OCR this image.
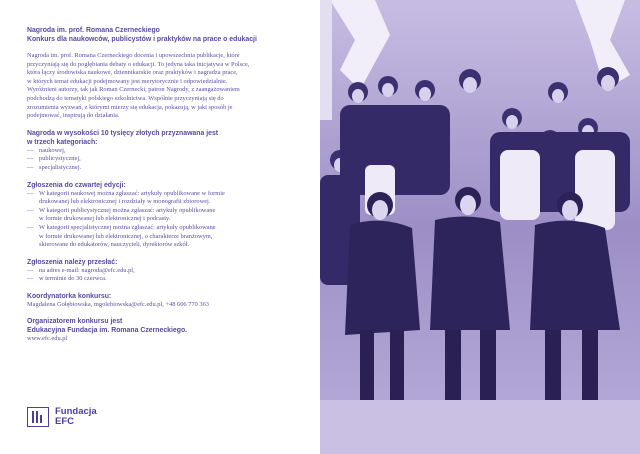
Nagroda im. prof. Romana Czerneckiego

Konkurs dla naukowców, publicystów i praktyków na prace o edukacji

Nagroda im. prof. Romana Czerneckiego docenia i upowszechnia publikacje, które
przyczyniają się do pogłębiania debaty o edukacji. To jedyna taka inicjatywa w Polsce,
która łączy środowiska naukowe, dziennikarskie oraz praktyków i nagradza prace,
w których temat edukacji podejmowany jest merytorycznie i odpowiedzialnie.
Wyróżnieni autorzy, tak jak Roman Czernecki, patron Nagrody, z zaangażowaniem
podchodzą do tematyki polskiego szkolnictwa. Wspólnie przyczyniają się do
zrozumienia wyzwań, z którymi mierzy się edukacja, pokazują, w jaki sposób je
podejmować, inspirują do działania.

Nagroda w wysokości 10 tysięcy złotych przyznawana jest

w trzech kategoriach:

— naukowej,
— publicystycznej,
— specjalistycznej.

Zgłoszenia do czwartej edycji:

— W kategorii naukowej można zgłaszać: artykuły opublikowane w formie
drukowanej lub elektronicznej i rozdziały w monografii zbiorowej.
— W kategorii publicystycznej można zgłaszać: artykuły opublikowane
w formie drukowanej lub elektronicznej i podcasty.
— W kategorii specjalistycznej można zgłaszać: artykuły opublikowane
w formie drukowanej lub elektronicznej, o charakterze branżowym,
skierowane do edukatorów, nauczycieli, dyrektorów szkół.

Zgłoszenia należy przesłać:

— na adres e-mail: nagroda@efc.edu.pl,
— w terminie do 30 czerwca.

Koordynatorka konkursu:

Magdalena Gołębiowska, mgolebiowska@efc.edu.pl, +48 606 770 363

Organizatorem konkursu jest

Edukacyjna Fundacja im. Romana Czerneckiego.

www.efc.edu.pl
Fundacja
EFC
